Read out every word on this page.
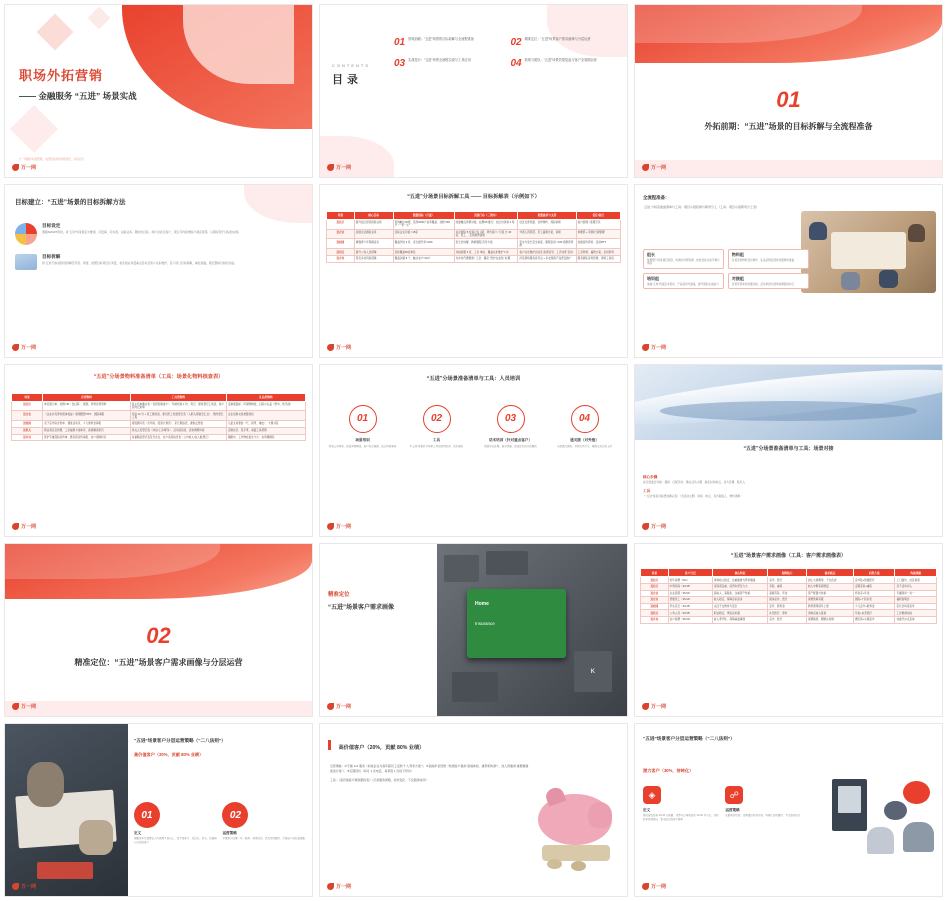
职场外拓营销
—— 金融服务 “五进” 场景实战
万一网制作收集整理，未经授权请勿转载转发，违者必究
万一网
CONTENTS
目录
01 妙笔前瞻：“五进”场景的目标拆解与全流程准备	02 精准定位：“五进”场景客户需求画像与分层运营
03 实战技行：“五进”场景全流程实战与工具应用	04 收尾与团队：“五进”场景效果复盘与客户全周期运营
万一网
01
外拓前期：“五进”场景的目标拆解与全流程准备
万一网
目标建立：“五进”场景的目标拆解方法
目标设定
遵循SMART原则，将“五进”场景锁定为维项、可量算、可实现、关联业务、限时的目标，如针对社区客户，锁定月均新增客户满意度等，以期有利于目标的实现。
目标拆解
将“五进”目标按阶段拆解至月度、周度、按照目标责任任务量，将次级业务量重点目标及客户关系维护、签下的门目标拆解，减轻加锚，锁定整体目标的达成。
万一网
“五进”分场景目标拆解工具 —— 目标拆解表（示例如下）
场景	核心目标	数据指标（月度）	关键行动（三周内）	资源需求与支持	责任/备注
进社区	提升社区居民保险认知	咨询触达40组、签约2000户业务覆盖、挂载 500 户 “一老一小”	党建摊点资源对接、社群H5 推行、社区内讲堂 2 场	社区支部党建、宣传物料、保险讲师	客户经理 / 客服专员
进企业	拓展企业团险业务	目标企业对接 >15家	对企团险 8 位客户名 / 期、拜访客户 / 月度 计 20 家、员工 、互动教育落地	外部人资部部、员工福利方案、讲师	协理部 + 资源/行销管理
进校园	增强青少年保障意识	覆盖学校 3 所、家长提升率>60%	家长会讲解、教师课程 宣导方案	学生与家长安全讲座、课程宣讲 >100 场教育资源	校园宣传资料、宣讲PPT
进机关	提升公务人员保障	目标覆盖60家单位	对接客服 3 家、工会 单位、覆盖关系维护 3 次	客户关系维护活动及 政策宣导、工会内部 宣讲	工会资源、福利方案、宣讲资料
进乡村	普及乡村风险保障	覆盖乡镇 8 个、触达农户>30户	对乡村代理渠道 / 工会、镇府 “医护关爱包” 时期	涉及现场服务宣导点 + 乡农保险产品普及推广	服务团队宣传资源、现场工具包
万一网
全流程准备：
·五进·分场景准备清单与工具：项目小组搭建与职责分工（工具：项目小组职责分工表）
组长
统筹整个场景项目进度，协调内外部资源，把控目标达成节奏与风险
物料组
负责宣传物料设计制作、礼品采购及现场布置物料准备
培训组
承接“五进”场景话术培训、产品培训与演练，提升团队实战能力
对接组
负责外部单位沟通对接、活动审批与现场协调落地执行
万一网
“五进”分场景物料准备清单（工具：场景化物料核查表）
场景	宣传物料	工具类物料	礼品类物料
进社区	单页展示单、社群 H5（含扫码）、展架、养老宣传资料	金主名单确认表（含居民联络卡）、年龄档案 1 份、笔记、现场登记工具表、客户意向记录单	定制保温杯、环保购物袋、扫码小礼品（纸巾、洗手液）
进企业	《企业补充养老团体权益》展架图册 PPT、团险海报	年度 12 月 + 员工测试表、新旧员工档案登记表（入职入职信息汇总）、预约登记工具	企业定制文具类随身包
进校园	亲子意外险宣传单、课堂活动页、少儿教育金海报	班级测评表（含年龄、段落计划表）、家长联络表、课堂反馈表	儿童文具套装（尺、铅笔、橡皮）、卡通书签
进机关	职业责任宣传册、工会福利方案单页、政策解读折页	机关人员登记表（岗位/工会/职务）、活动签到表、需求调研问卷	定制台历、签字笔、桌面工具笔筒
进乡村	医护专属保险宣传单、惠民保宣传海报、农户保障折页	村委联络登记表及代办点、农户家庭信息表（人均收入/农人数登记）	围裙巾、工作物检查生卡片、农用便携包
万一网
“五进”分场景准备清单与工具：人员培训
01
场景培训
熟悉五进场景、政策背景解读、客户特点梳理，结合场景演练
02
工具
6“五进”场景的分场景工具包使用培训、话术演练
03
话术培训（针对重点客户）
聚焦异议处理、需求挖掘、促成话术的实战模拟
04
通关演（对外接）
分组通关演练、导师点评打分，确保全员达标上岗
万一网
“五进”分场景准备清单与工具：场景对接
核心步骤
社区居委会对接：摸排、匹配需求、确认活动主题、敲定时间地点，双方签署、联系人
工具
《“五进”场景对接登录确认表》（含活动主题、时间、地点、双方联络人、物料清单）
万一网
02
精准定位：“五进”场景客户需求画像与分层运营
万一网
Home
Insurance
K
精准定位
“五进”场景客户需求画像
万一网
“五进”场景客户需求画像（工具：客户需求画像表）
场景	客户分层	核心特征	保障缺口	需求痛点	匹配方案	沟通策略
进社区	老年客群（60+）	退休收入稳定、注重健康与养老储备	意外、医疗	担心大病费用、子女负担	意外险+防癌医疗	上门面访、社区讲堂
进社区	中青家庭（30-45）	家庭责任重、房贷车贷压力大	寿险、重疾	收入中断家庭断层	定期寿险+重疾	亲子活动切入
进企业	企业高管（35-50）	高收入、高税负、注重资产传承	高额寿险、年金	资产配置与传承	终身寿+年金	专属顾问一对一
进企业	普通员工（25-40）	收入稳定、保障意识起步	团体意外、医疗	保费预算有限	团险+个险补充	福利说明会
进校园	学生家长（30-45）	关注子女教育与安全	意外、教育金	教育费用逐年上涨	少儿意外+教育金	家长会场景宣导
进机关	公务人员（30-55）	职业稳定、风险意识强	补充医疗、养老	退休后收入落差	年金+补充医疗	工会渠道对接
进乡村	农户客群（35-60）	收入季节性、保障基础薄弱	意外、医疗	保费敏感、理赔认知弱	惠民保+小额意外	村委代办点宣讲
万一网
“五进”场景客户分层运营策略（“二八法则”）
高价值客户（20%，贡献 80% 业绩）
01
定义
保额或年化保费在人均保费 3 倍以上、转介绍客户，或企业、机关、校园核心决策层客户
02
运营策略
专属客户经理一对一服务、季度回访、优先活动邀约、打通全产品权益链路
万一网
高价值客户（20%，贡献 80% 业绩）
运营策略：①专属 1v1 服务（如进企业为高年薪员工定制“个人养老方案”）；②高端年金回馈（知道客户提供“高端体检、康养机构游”）、选人预邀请“重要健康促进方案”）；③定期回访（每月 1 次电话，每季度 1 次线下拜访）
工具：《高价值客户服务跟踪表》（记录服务周期、需求变化、下次服务时间）
万一网
“五进”场景客户分层运营策略（“二八法则”）
潜力客户（30%，待转化）
◈
定义
曾经留资咨询 10-30 万保额、或参与过场景活动 12-30 岁左右、或有较早咨询意向、暂未成交的客户群体
☍
运营策略
社群养护运营、定期推送科普内容、场景化活动邀约、节点促成转化
万一网
